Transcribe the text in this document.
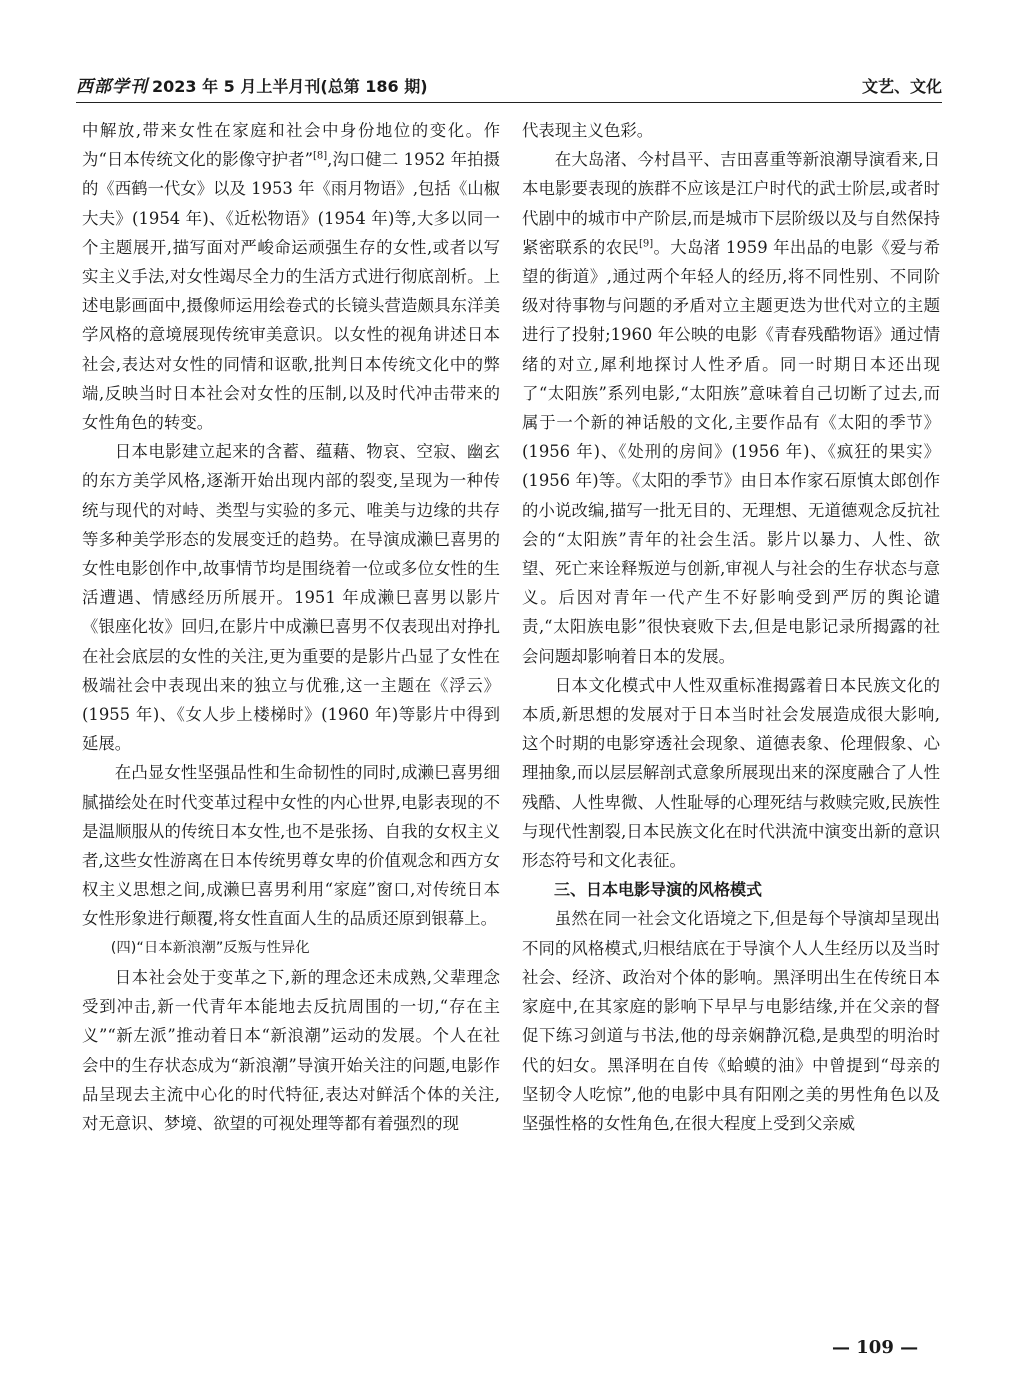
西部学刊 2023 年 5 月上半月刊(总第 186 期)	文艺、文化

中解放,带来女性在家庭和社会中身份地位的变化。作为“日本传统文化的影像守护者”[8],沟口健二 1952 年拍摄的《西鹤一代女》以及 1953 年《雨月物语》,包括《山椒大夫》(1954 年)、《近松物语》(1954 年)等,大多以同一个主题展开,描写面对严峻命运顽强生存的女性,或者以写实主义手法,对女性竭尽全力的生活方式进行彻底剖析。上述电影画面中,摄像师运用绘卷式的长镜头营造颇具东洋美学风格的意境展现传统审美意识。以女性的视角讲述日本社会,表达对女性的同情和讴歌,批判日本传统文化中的弊端,反映当时日本社会对女性的压制,以及时代冲击带来的女性角色的转变。

日本电影建立起来的含蓄、蕴藉、物哀、空寂、幽玄的东方美学风格,逐渐开始出现内部的裂变,呈现为一种传统与现代的对峙、类型与实验的多元、唯美与边缘的共存等多种美学形态的发展变迁的趋势。在导演成濑巳喜男的女性电影创作中,故事情节均是围绕着一位或多位女性的生活遭遇、情感经历所展开。1951 年成濑巳喜男以影片《银座化妆》回归,在影片中成濑巳喜男不仅表现出对挣扎在社会底层的女性的关注,更为重要的是影片凸显了女性在极端社会中表现出来的独立与优雅,这一主题在《浮云》(1955 年)、《女人步上楼梯时》(1960 年)等影片中得到延展。

在凸显女性坚强品性和生命韧性的同时,成濑巳喜男细腻描绘处在时代变革过程中女性的内心世界,电影表现的不是温顺服从的传统日本女性,也不是张扬、自我的女权主义者,这些女性游离在日本传统男尊女卑的价值观念和西方女权主义思想之间,成濑巳喜男利用“家庭”窗口,对传统日本女性形象进行颠覆,将女性直面人生的品质还原到银幕上。

(四)“日本新浪潮”反叛与性异化

日本社会处于变革之下,新的理念还未成熟,父辈理念受到冲击,新一代青年本能地去反抗周围的一切,“存在主义”“新左派”推动着日本“新浪潮”运动的发展。个人在社会中的生存状态成为“新浪潮”导演开始关注的问题,电影作品呈现去主流中心化的时代特征,表达对鲜活个体的关注,对无意识、梦境、欲望的可视处理等都有着强烈的现

代表现主义色彩。

在大岛渚、今村昌平、吉田喜重等新浪潮导演看来,日本电影要表现的族群不应该是江户时代的武士阶层,或者时代剧中的城市中产阶层,而是城市下层阶级以及与自然保持紧密联系的农民[9]。大岛渚 1959 年出品的电影《爱与希望的街道》,通过两个年轻人的经历,将不同性别、不同阶级对待事物与问题的矛盾对立主题更迭为世代对立的主题进行了投射;1960 年公映的电影《青春残酷物语》通过情绪的对立,犀利地探讨人性矛盾。同一时期日本还出现了“太阳族”系列电影,“太阳族”意味着自己切断了过去,而属于一个新的神话般的文化,主要作品有《太阳的季节》(1956 年)、《处刑的房间》(1956 年)、《疯狂的果实》(1956 年)等。《太阳的季节》由日本作家石原慎太郎创作的小说改编,描写一批无目的、无理想、无道德观念反抗社会的“太阳族”青年的社会生活。影片以暴力、人性、欲望、死亡来诠释叛逆与创新,审视人与社会的生存状态与意义。后因对青年一代产生不好影响受到严厉的舆论谴责,“太阳族电影”很快衰败下去,但是电影记录所揭露的社会问题却影响着日本的发展。

日本文化模式中人性双重标准揭露着日本民族文化的本质,新思想的发展对于日本当时社会发展造成很大影响,这个时期的电影穿透社会现象、道德表象、伦理假象、心理抽象,而以层层解剖式意象所展现出来的深度融合了人性残酷、人性卑微、人性耻辱的心理死结与救赎完败,民族性与现代性割裂,日本民族文化在时代洪流中演变出新的意识形态符号和文化表征。

三、日本电影导演的风格模式

虽然在同一社会文化语境之下,但是每个导演却呈现出不同的风格模式,归根结底在于导演个人人生经历以及当时社会、经济、政治对个体的影响。黑泽明出生在传统日本家庭中,在其家庭的影响下早早与电影结缘,并在父亲的督促下练习剑道与书法,他的母亲娴静沉稳,是典型的明治时代的妇女。黑泽明在自传《蛤蟆的油》中曾提到“母亲的坚韧令人吃惊”,他的电影中具有阳刚之美的男性角色以及坚强性格的女性角色,在很大程度上受到父亲威

— 109 —
